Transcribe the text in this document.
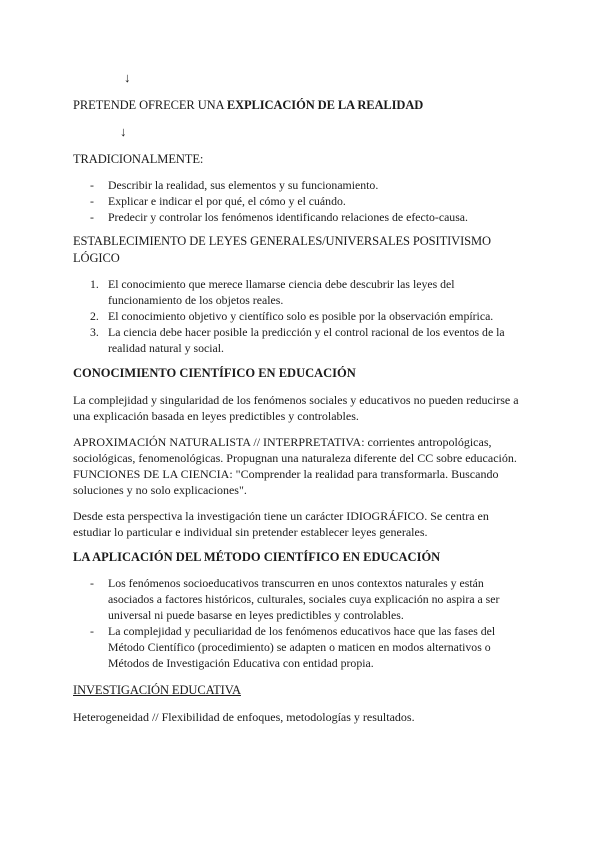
↓
PRETENDE OFRECER UNA EXPLICACIÓN DE LA REALIDAD
↓
TRADICIONALMENTE:
- Describir la realidad, sus elementos y su funcionamiento.
- Explicar e indicar el por qué, el cómo y el cuándo.
- Predecir y controlar los fenómenos identificando relaciones de efecto-causa.
ESTABLECIMIENTO DE LEYES GENERALES/UNIVERSALES POSITIVISMO
LÓGICO
1. El conocimiento que merece llamarse ciencia debe descubrir las leyes del funcionamiento de los objetos reales.
2. El conocimiento objetivo y científico solo es posible por la observación empírica.
3. La ciencia debe hacer posible la predicción y el control racional de los eventos de la realidad natural y social.
CONOCIMIENTO CIENTÍFICO EN EDUCACIÓN
La complejidad y singularidad de los fenómenos sociales y educativos no pueden reducirse a una explicación basada en leyes predictibles y controlables.
APROXIMACIÓN NATURALISTA // INTERPRETATIVA: corrientes antropológicas, sociológicas, fenomenológicas. Propugnan una naturaleza diferente del CC sobre educación. FUNCIONES DE LA CIENCIA: "Comprender la realidad para transformarla. Buscando soluciones y no solo explicaciones".
Desde esta perspectiva la investigación tiene un carácter IDIOGRÁFICO. Se centra en estudiar lo particular e individual sin pretender establecer leyes generales.
LA APLICACIÓN DEL MÉTODO CIENTÍFICO EN EDUCACIÓN
- Los fenómenos socioeducativos transcurren en unos contextos naturales y están asociados a factores históricos, culturales, sociales cuya explicación no aspira a ser universal ni puede basarse en leyes predictibles y controlables.
- La complejidad y peculiaridad de los fenómenos educativos hace que las fases del Método Científico (procedimiento) se adapten o maticen en modos alternativos o Métodos de Investigación Educativa con entidad propia.
INVESTIGACIÓN EDUCATIVA
Heterogeneidad // Flexibilidad de enfoques, metodologías y resultados.
